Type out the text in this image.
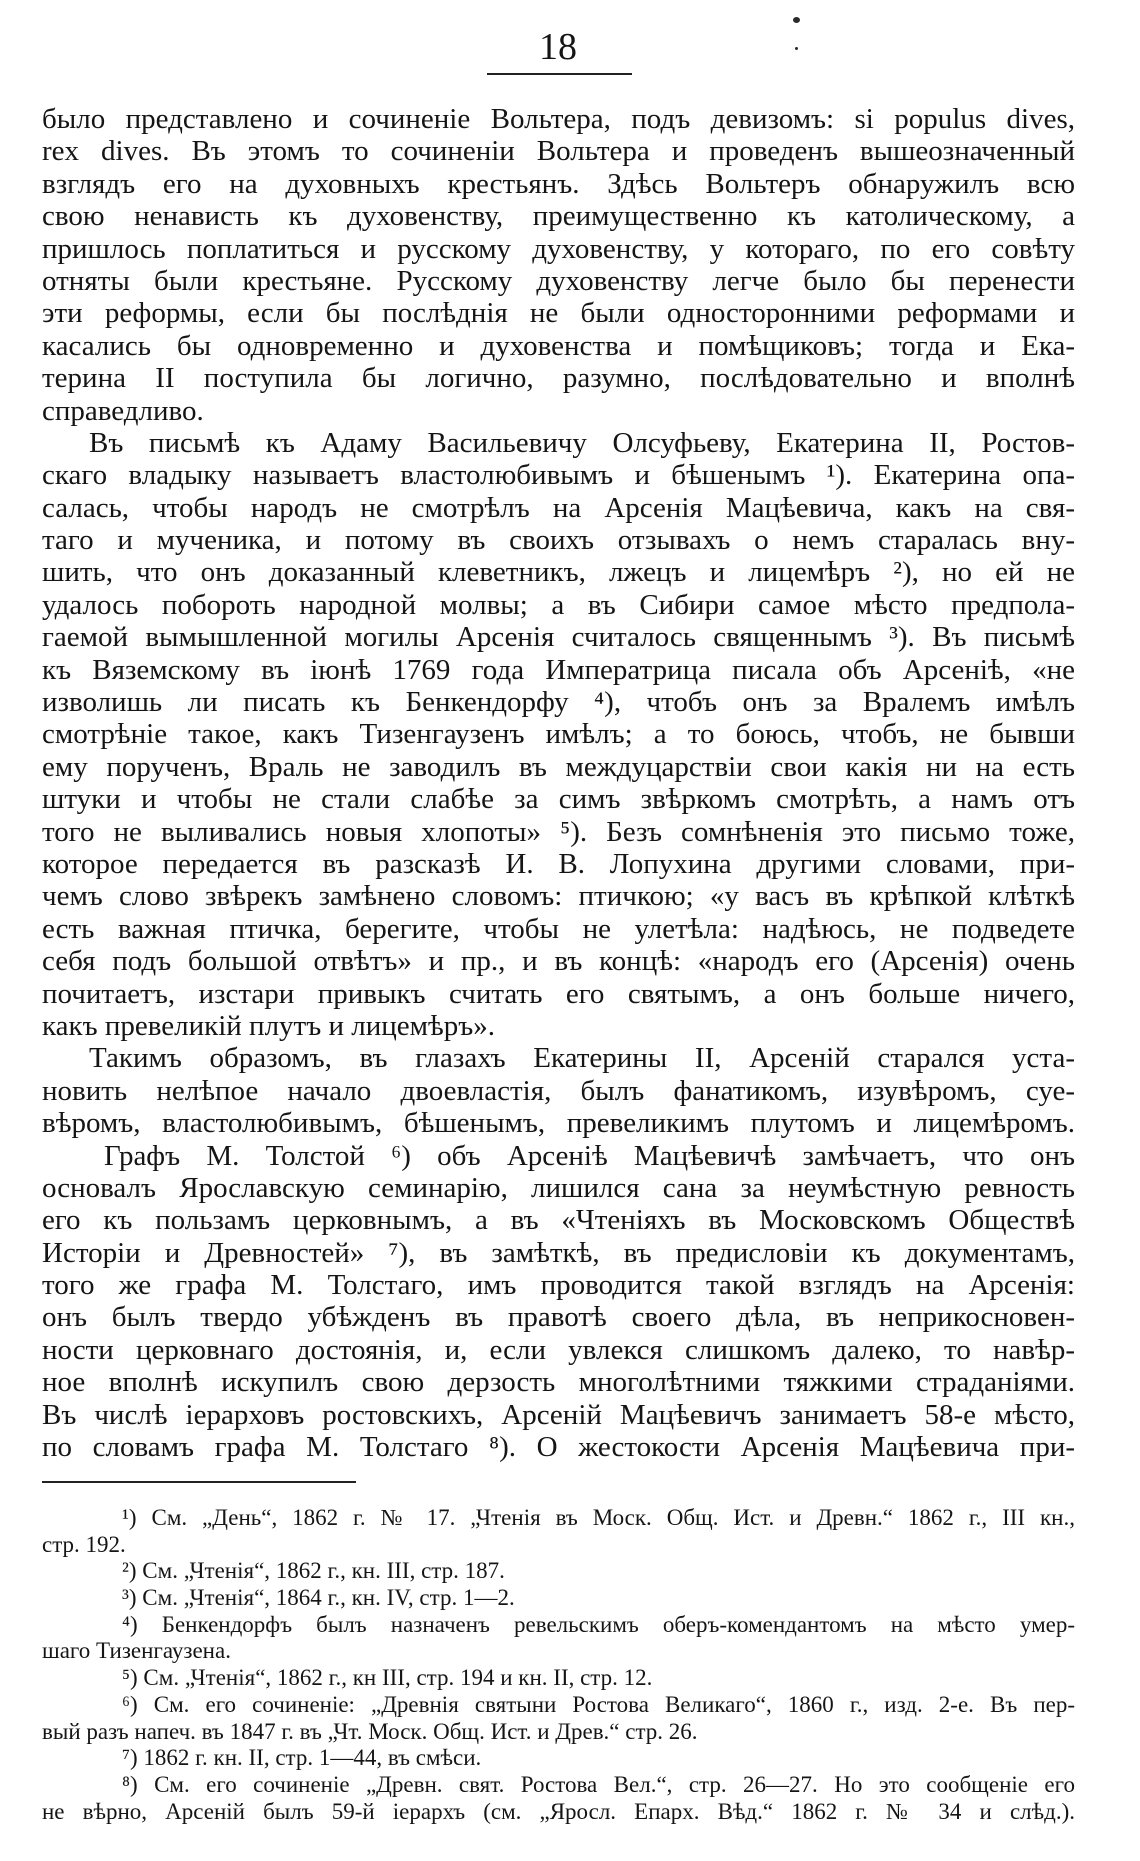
18
было представлено и сочиненіе Вольтера, подъ девизомъ: si populus dives,
rex dives. Въ этомъ то сочиненіи Вольтера и проведенъ вышеозначенный
взглядъ его на духовныхъ крестьянъ. Здѣсь Вольтеръ обнаружилъ всю
свою ненависть къ духовенству, преимущественно къ католическому, а
пришлось поплатиться и русскому духовенству, у котораго, по его совѣту
отняты были крестьяне. Русскому духовенству легче было бы перенести
эти реформы, если бы послѣднія не были односторонними реформами и
касались бы одновременно и духовенства и помѣщиковъ; тогда и Ека-
терина II поступила бы логично, разумно, послѣдовательно и вполнѣ
справедливо.
Въ письмѣ къ Адаму Васильевичу Олсуфьеву, Екатерина II, Ростов-
скаго владыку называетъ властолюбивымъ и бѣшенымъ ¹). Екатерина опа-
салась, чтобы народъ не смотрѣлъ на Арсенія Мацѣевича, какъ на свя-
таго и мученика, и потому въ своихъ отзывахъ о немъ старалась вну-
шить, что онъ доказанный клеветникъ, лжецъ и лицемѣръ ²), но ей не
удалось побороть народной молвы; а въ Сибири самое мѣсто предпола-
гаемой вымышленной могилы Арсенія считалось священнымъ ³). Въ письмѣ
къ Вяземскому въ іюнѣ 1769 года Императрица писала объ Арсеніѣ, «не
изволишь ли писать къ Бенкендорфу ⁴), чтобъ онъ за Вралемъ имѣлъ
смотрѣніе такое, какъ Тизенгаузенъ имѣлъ; а то боюсь, чтобъ, не бывши
ему порученъ, Враль не заводилъ въ междуцарствіи свои какія ни на есть
штуки и чтобы не стали слабѣе за симъ звѣркомъ смотрѣть, а намъ отъ
того не выливались новыя хлопоты» ⁵). Безъ сомнѣненія это письмо тоже,
которое передается въ разсказѣ И. В. Лопухина другими словами, при-
чемъ слово звѣрекъ замѣнено словомъ: птичкою; «у васъ въ крѣпкой клѣткѣ
есть важная птичка, берегите, чтобы не улетѣла: надѣюсь, не подведете
себя подъ большой отвѣтъ» и пр., и въ концѣ: «народъ его (Арсенія) очень
почитаетъ, изстари привыкъ считать его святымъ, а онъ больше ничего,
какъ превеликій плутъ и лицемѣръ».
Такимъ образомъ, въ глазахъ Екатерины II, Арсеній старался уста-
новить нелѣпое начало двоевластія, былъ фанатикомъ, изувѣромъ, суе-
вѣромъ, властолюбивымъ, бѣшенымъ, превеликимъ плутомъ и лицемѣромъ.
Графъ М. Толстой ⁶) объ Арсеніѣ Мацѣевичѣ замѣчаетъ, что онъ
основалъ Ярославскую семинарію, лишился сана за неумѣстную ревность
его къ пользамъ церковнымъ, а въ «Чтеніяхъ въ Московскомъ Обществѣ
Исторіи и Древностей» ⁷), въ замѣткѣ, въ предисловіи къ документамъ,
того же графа М. Толстаго, имъ проводится такой взглядъ на Арсенія:
онъ былъ твердо убѣжденъ въ правотѣ своего дѣла, въ неприкосновен-
ности церковнаго достоянія, и, если увлекся слишкомъ далеко, то навѣр-
ное вполнѣ искупилъ свою дерзость многолѣтними тяжкими страданіями.
Въ числѣ іерарховъ ростовскихъ, Арсеній Мацѣевичъ занимаетъ 58-е мѣсто,
по словамъ графа М. Толстаго ⁸). О жестокости Арсенія Мацѣевича при-
¹) См. „День“, 1862 г. № 17. „Чтенія въ Моск. Общ. Ист. и Древн.“ 1862 г., III кн.,
стр. 192.
²) См. „Чтенія“, 1862 г., кн. III, стр. 187.
³) См. „Чтенія“, 1864 г., кн. IV, стр. 1—2.
⁴) Бенкендорфъ былъ назначенъ ревельскимъ оберъ-комендантомъ на мѣсто умер-
шаго Тизенгаузена.
⁵) См. „Чтенія“, 1862 г., кн III, стр. 194 и кн. II, стр. 12.
⁶) См. его сочиненіе: „Древнія святыни Ростова Великаго“, 1860 г., изд. 2-е. Въ пер-
вый разъ напеч. въ 1847 г. въ „Чт. Моск. Общ. Ист. и Древ.“ стр. 26.
⁷) 1862 г. кн. II, стр. 1—44, въ смѣси.
⁸) См. его сочиненіе „Древн. свят. Ростова Вел.“, стр. 26—27. Но это сообщеніе его
не вѣрно, Арсеній былъ 59-й іерархъ (см. „Яросл. Епарх. Вѣд.“ 1862 г. № 34 и слѣд.).
